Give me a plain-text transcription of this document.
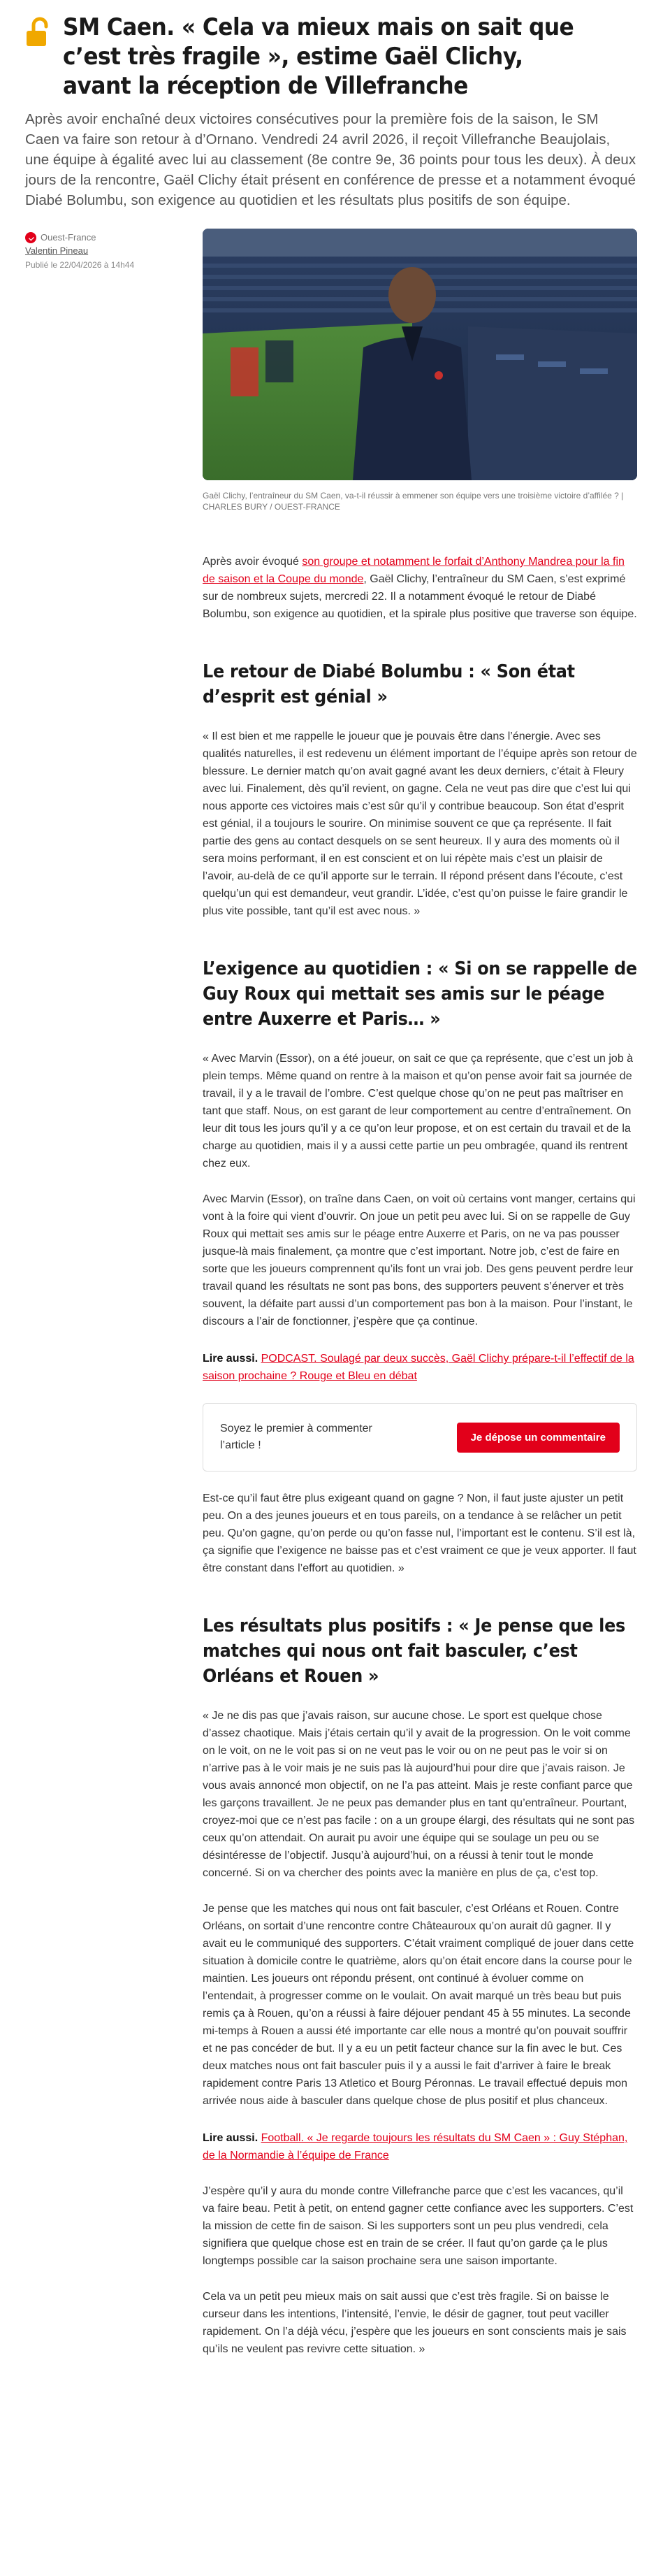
SM Caen. « Cela va mieux mais on sait que c’est très fragile », estime Gaël Clichy, avant la réception de Villefranche

Après avoir enchaîné deux victoires consécutives pour la première fois de la saison, le SM Caen va faire son retour à d’Ornano. Vendredi 24 avril 2026, il reçoit Villefranche Beaujolais, une équipe à égalité avec lui au classement (8e contre 9e, 36 points pour tous les deux). À deux jours de la rencontre, Gaël Clichy était présent en conférence de presse et a notamment évoqué Diabé Bolumbu, son exigence au quotidien et les résultats plus positifs de son équipe.

Ouest-France
Valentin Pineau
Publié le 22/04/2026 à 14h44

Gaël Clichy, l’entraîneur du SM Caen, va-t-il réussir à emmener son équipe vers une troisième victoire d’affilée ? | CHARLES BURY / OUEST-FRANCE

Après avoir évoqué son groupe et notamment le forfait d’Anthony Mandrea pour la fin de saison et la Coupe du monde, Gaël Clichy, l’entraîneur du SM Caen, s’est exprimé sur de nombreux sujets, mercredi 22. Il a notamment évoqué le retour de Diabé Bolumbu, son exigence au quotidien, et la spirale plus positive que traverse son équipe.

Le retour de Diabé Bolumbu : « Son état d’esprit est génial »

« Il est bien et me rappelle le joueur que je pouvais être dans l’énergie. Avec ses qualités naturelles, il est redevenu un élément important de l’équipe après son retour de blessure. Le dernier match qu’on avait gagné avant les deux derniers, c’était à Fleury avec lui. Finalement, dès qu’il revient, on gagne. Cela ne veut pas dire que c’est lui qui nous apporte ces victoires mais c’est sûr qu’il y contribue beaucoup. Son état d’esprit est génial, il a toujours le sourire. On minimise souvent ce que ça représente. Il fait partie des gens au contact desquels on se sent heureux. Il y aura des moments où il sera moins performant, il en est conscient et on lui répète mais c’est un plaisir de l’avoir, au-delà de ce qu’il apporte sur le terrain. Il répond présent dans l’écoute, c’est quelqu’un qui est demandeur, veut grandir. L’idée, c’est qu’on puisse le faire grandir le plus vite possible, tant qu’il est avec nous. »

L’exigence au quotidien : « Si on se rappelle de Guy Roux qui mettait ses amis sur le péage entre Auxerre et Paris… »

« Avec Marvin (Essor), on a été joueur, on sait ce que ça représente, que c’est un job à plein temps. Même quand on rentre à la maison et qu’on pense avoir fait sa journée de travail, il y a le travail de l’ombre. C’est quelque chose qu’on ne peut pas maîtriser en tant que staff. Nous, on est garant de leur comportement au centre d’entraînement. On leur dit tous les jours qu’il y a ce qu’on leur propose, et on est certain du travail et de la charge au quotidien, mais il y a aussi cette partie un peu ombragée, quand ils rentrent chez eux.

Avec Marvin (Essor), on traîne dans Caen, on voit où certains vont manger, certains qui vont à la foire qui vient d’ouvrir. On joue un petit peu avec lui. Si on se rappelle de Guy Roux qui mettait ses amis sur le péage entre Auxerre et Paris, on ne va pas pousser jusque-là mais finalement, ça montre que c’est important. Notre job, c’est de faire en sorte que les joueurs comprennent qu’ils font un vrai job. Des gens peuvent perdre leur travail quand les résultats ne sont pas bons, des supporters peuvent s’énerver et très souvent, la défaite part aussi d’un comportement pas bon à la maison. Pour l’instant, le discours a l’air de fonctionner, j’espère que ça continue.

Lire aussi. PODCAST. Soulagé par deux succès, Gaël Clichy prépare-t-il l’effectif de la saison prochaine ? Rouge et Bleu en débat

Soyez le premier à commenter l’article !

Je dépose un commentaire

Est-ce qu’il faut être plus exigeant quand on gagne ? Non, il faut juste ajuster un petit peu. On a des jeunes joueurs et en tous pareils, on a tendance à se relâcher un petit peu. Qu’on gagne, qu’on perde ou qu’on fasse nul, l’important est le contenu. S’il est là, ça signifie que l’exigence ne baisse pas et c’est vraiment ce que je veux apporter. Il faut être constant dans l’effort au quotidien. »

Les résultats plus positifs : « Je pense que les matches qui nous ont fait basculer, c’est Orléans et Rouen »

« Je ne dis pas que j’avais raison, sur aucune chose. Le sport est quelque chose d’assez chaotique. Mais j’étais certain qu’il y avait de la progression. On le voit comme on le voit, on ne le voit pas si on ne veut pas le voir ou on ne peut pas le voir si on n’arrive pas à le voir mais je ne suis pas là aujourd’hui pour dire que j’avais raison. Je vous avais annoncé mon objectif, on ne l’a pas atteint. Mais je reste confiant parce que les garçons travaillent. Je ne peux pas demander plus en tant qu’entraîneur. Pourtant, croyez-moi que ce n’est pas facile : on a un groupe élargi, des résultats qui ne sont pas ceux qu’on attendait. On aurait pu avoir une équipe qui se soulage un peu ou se désintéresse de l’objectif. Jusqu’à aujourd’hui, on a réussi à tenir tout le monde concerné. Si on va chercher des points avec la manière en plus de ça, c’est top.

Je pense que les matches qui nous ont fait basculer, c’est Orléans et Rouen. Contre Orléans, on sortait d’une rencontre contre Châteauroux qu’on aurait dû gagner. Il y avait eu le communiqué des supporters. C’était vraiment compliqué de jouer dans cette situation à domicile contre le quatrième, alors qu’on était encore dans la course pour le maintien. Les joueurs ont répondu présent, ont continué à évoluer comme on l’entendait, à progresser comme on le voulait. On avait marqué un très beau but puis remis ça à Rouen, qu’on a réussi à faire déjouer pendant 45 à 55 minutes. La seconde mi-temps à Rouen a aussi été importante car elle nous a montré qu’on pouvait souffrir et ne pas concéder de but. Il y a eu un petit facteur chance sur la fin avec le but. Ces deux matches nous ont fait basculer puis il y a aussi le fait d’arriver à faire le break rapidement contre Paris 13 Atletico et Bourg Péronnas. Le travail effectué depuis mon arrivée nous aide à basculer dans quelque chose de plus positif et plus chanceux.

Lire aussi. Football. « Je regarde toujours les résultats du SM Caen » : Guy Stéphan, de la Normandie à l’équipe de France

J’espère qu’il y aura du monde contre Villefranche parce que c’est les vacances, qu’il va faire beau. Petit à petit, on entend gagner cette confiance avec les supporters. C’est la mission de cette fin de saison. Si les supporters sont un peu plus vendredi, cela signifiera que quelque chose est en train de se créer. Il faut qu’on garde ça le plus longtemps possible car la saison prochaine sera une saison importante.

Cela va un petit peu mieux mais on sait aussi que c’est très fragile. Si on baisse le curseur dans les intentions, l’intensité, l’envie, le désir de gagner, tout peut vaciller rapidement. On l’a déjà vécu, j’espère que les joueurs en sont conscients mais je sais qu’ils ne veulent pas revivre cette situation. »
